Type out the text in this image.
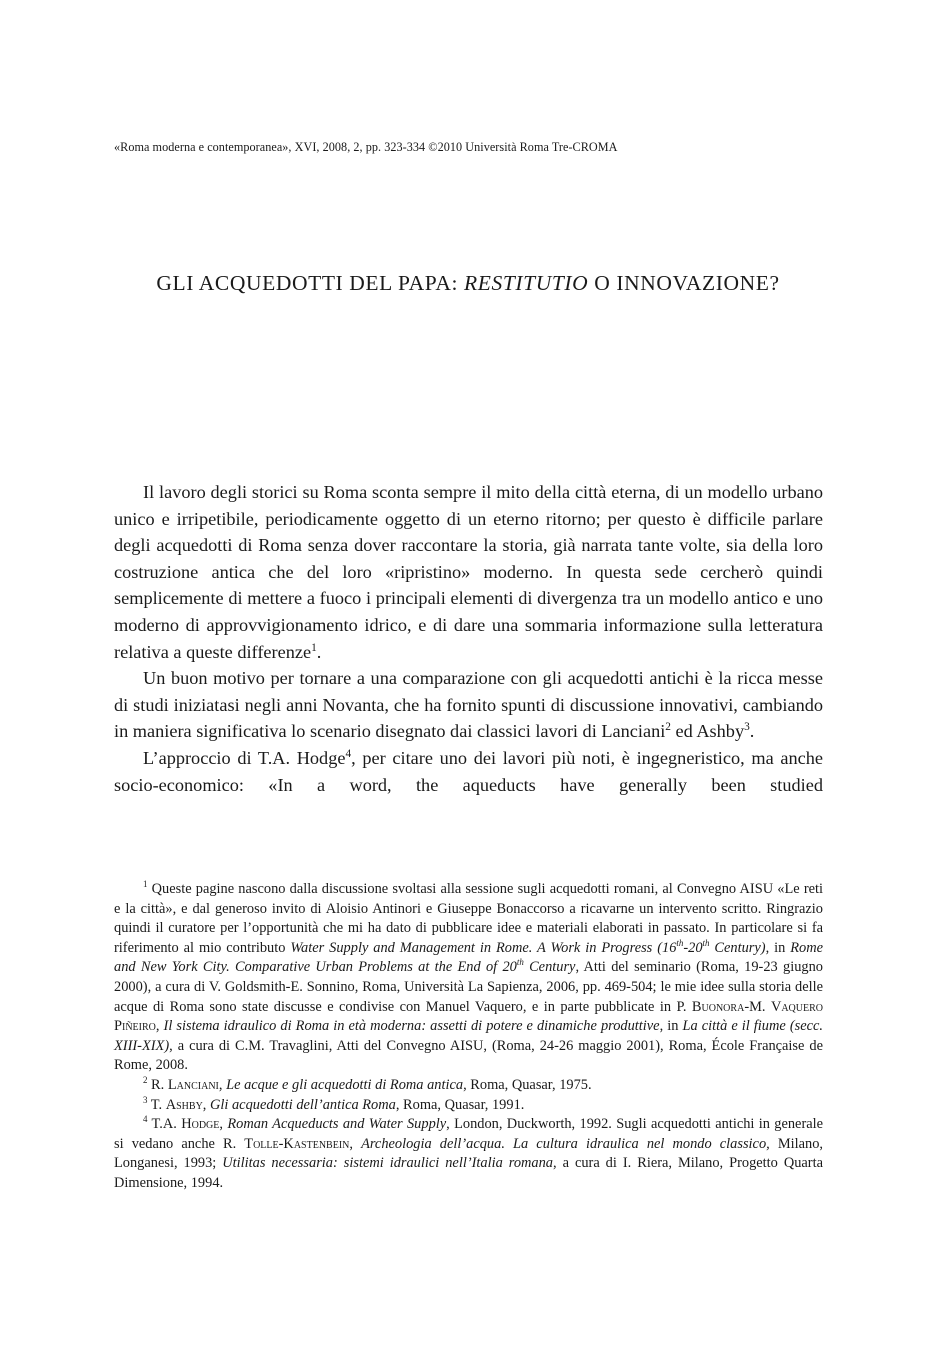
«Roma moderna e contemporanea», XVI, 2008, 2, pp. 323-334 ©2010 Università Roma Tre-CROMA
GLI ACQUEDOTTI DEL PAPA: RESTITUTIO O INNOVAZIONE?

Il lavoro degli storici su Roma sconta sempre il mito della città eterna, di un modello urbano unico e irripetibile, periodicamente oggetto di un eterno ritorno; per questo è difficile parlare degli acquedotti di Roma senza dover raccontare la storia, già narrata tante volte, sia della loro costruzione antica che del loro «ripristino» moderno. In questa sede cercherò quindi semplicemente di mettere a fuoco i principali elementi di divergenza tra un modello antico e uno moderno di approvvigionamento idrico, e di dare una sommaria informazione sulla letteratura relativa a queste differenze$^1$.

Un buon motivo per tornare a una comparazione con gli acquedotti antichi è la ricca messe di studi iniziatasi negli anni Novanta, che ha fornito spunti di discussione innovativi, cambiando in maniera significativa lo scenario disegnato dai classici lavori di Lanciani$^2$ ed Ashby$^3$.

L’approccio di T.A. Hodge$^4$, per citare uno dei lavori più noti, è ingegneristico, ma anche socio-economico: «In a word, the aqueducts have generally been studied

$^1$ Queste pagine nascono dalla discussione svoltasi alla sessione sugli acquedotti romani, al Convegno AISU «Le reti e la città», e dal generoso invito di Aloisio Antinori e Giuseppe Bonaccorso a ricavarne un intervento scritto. Ringrazio quindi il curatore per l’opportunità che mi ha dato di pubblicare idee e materiali elaborati in passato. In particolare si fa riferimento al mio contributo Water Supply and Management in Rome. A Work in Progress (16th-20th Century), in Rome and New York City. Comparative Urban Problems at the End of 20th Century, Atti del seminario (Roma, 19-23 giugno 2000), a cura di V. Goldsmith-E. Sonnino, Roma, Università La Sapienza, 2006, pp. 469-504; le mie idee sulla storia delle acque di Roma sono state discusse e condivise con Manuel Vaquero, e in parte pubblicate in P. Buonora-M. Vaquero Piñeiro, Il sistema idraulico di Roma in età moderna: assetti di potere e dinamiche produttive, in La città e il fiume (secc. XIII-XIX), a cura di C.M. Travaglini, Atti del Convegno AISU, (Roma, 24-26 maggio 2001), Roma, École Française de Rome, 2008.

$^2$ R. Lanciani, Le acque e gli acquedotti di Roma antica, Roma, Quasar, 1975.

$^3$ T. Ashby, Gli acquedotti dell’antica Roma, Roma, Quasar, 1991.

$^4$ T.A. Hodge, Roman Acqueducts and Water Supply, London, Duckworth, 1992. Sugli acquedotti antichi in generale si vedano anche R. Tolle-Kastenbein, Archeologia dell’acqua. La cultura idraulica nel mondo classico, Milano, Longanesi, 1993; Utilitas necessaria: sistemi idraulici nell’Italia romana, a cura di I. Riera, Milano, Progetto Quarta Dimensione, 1994.
